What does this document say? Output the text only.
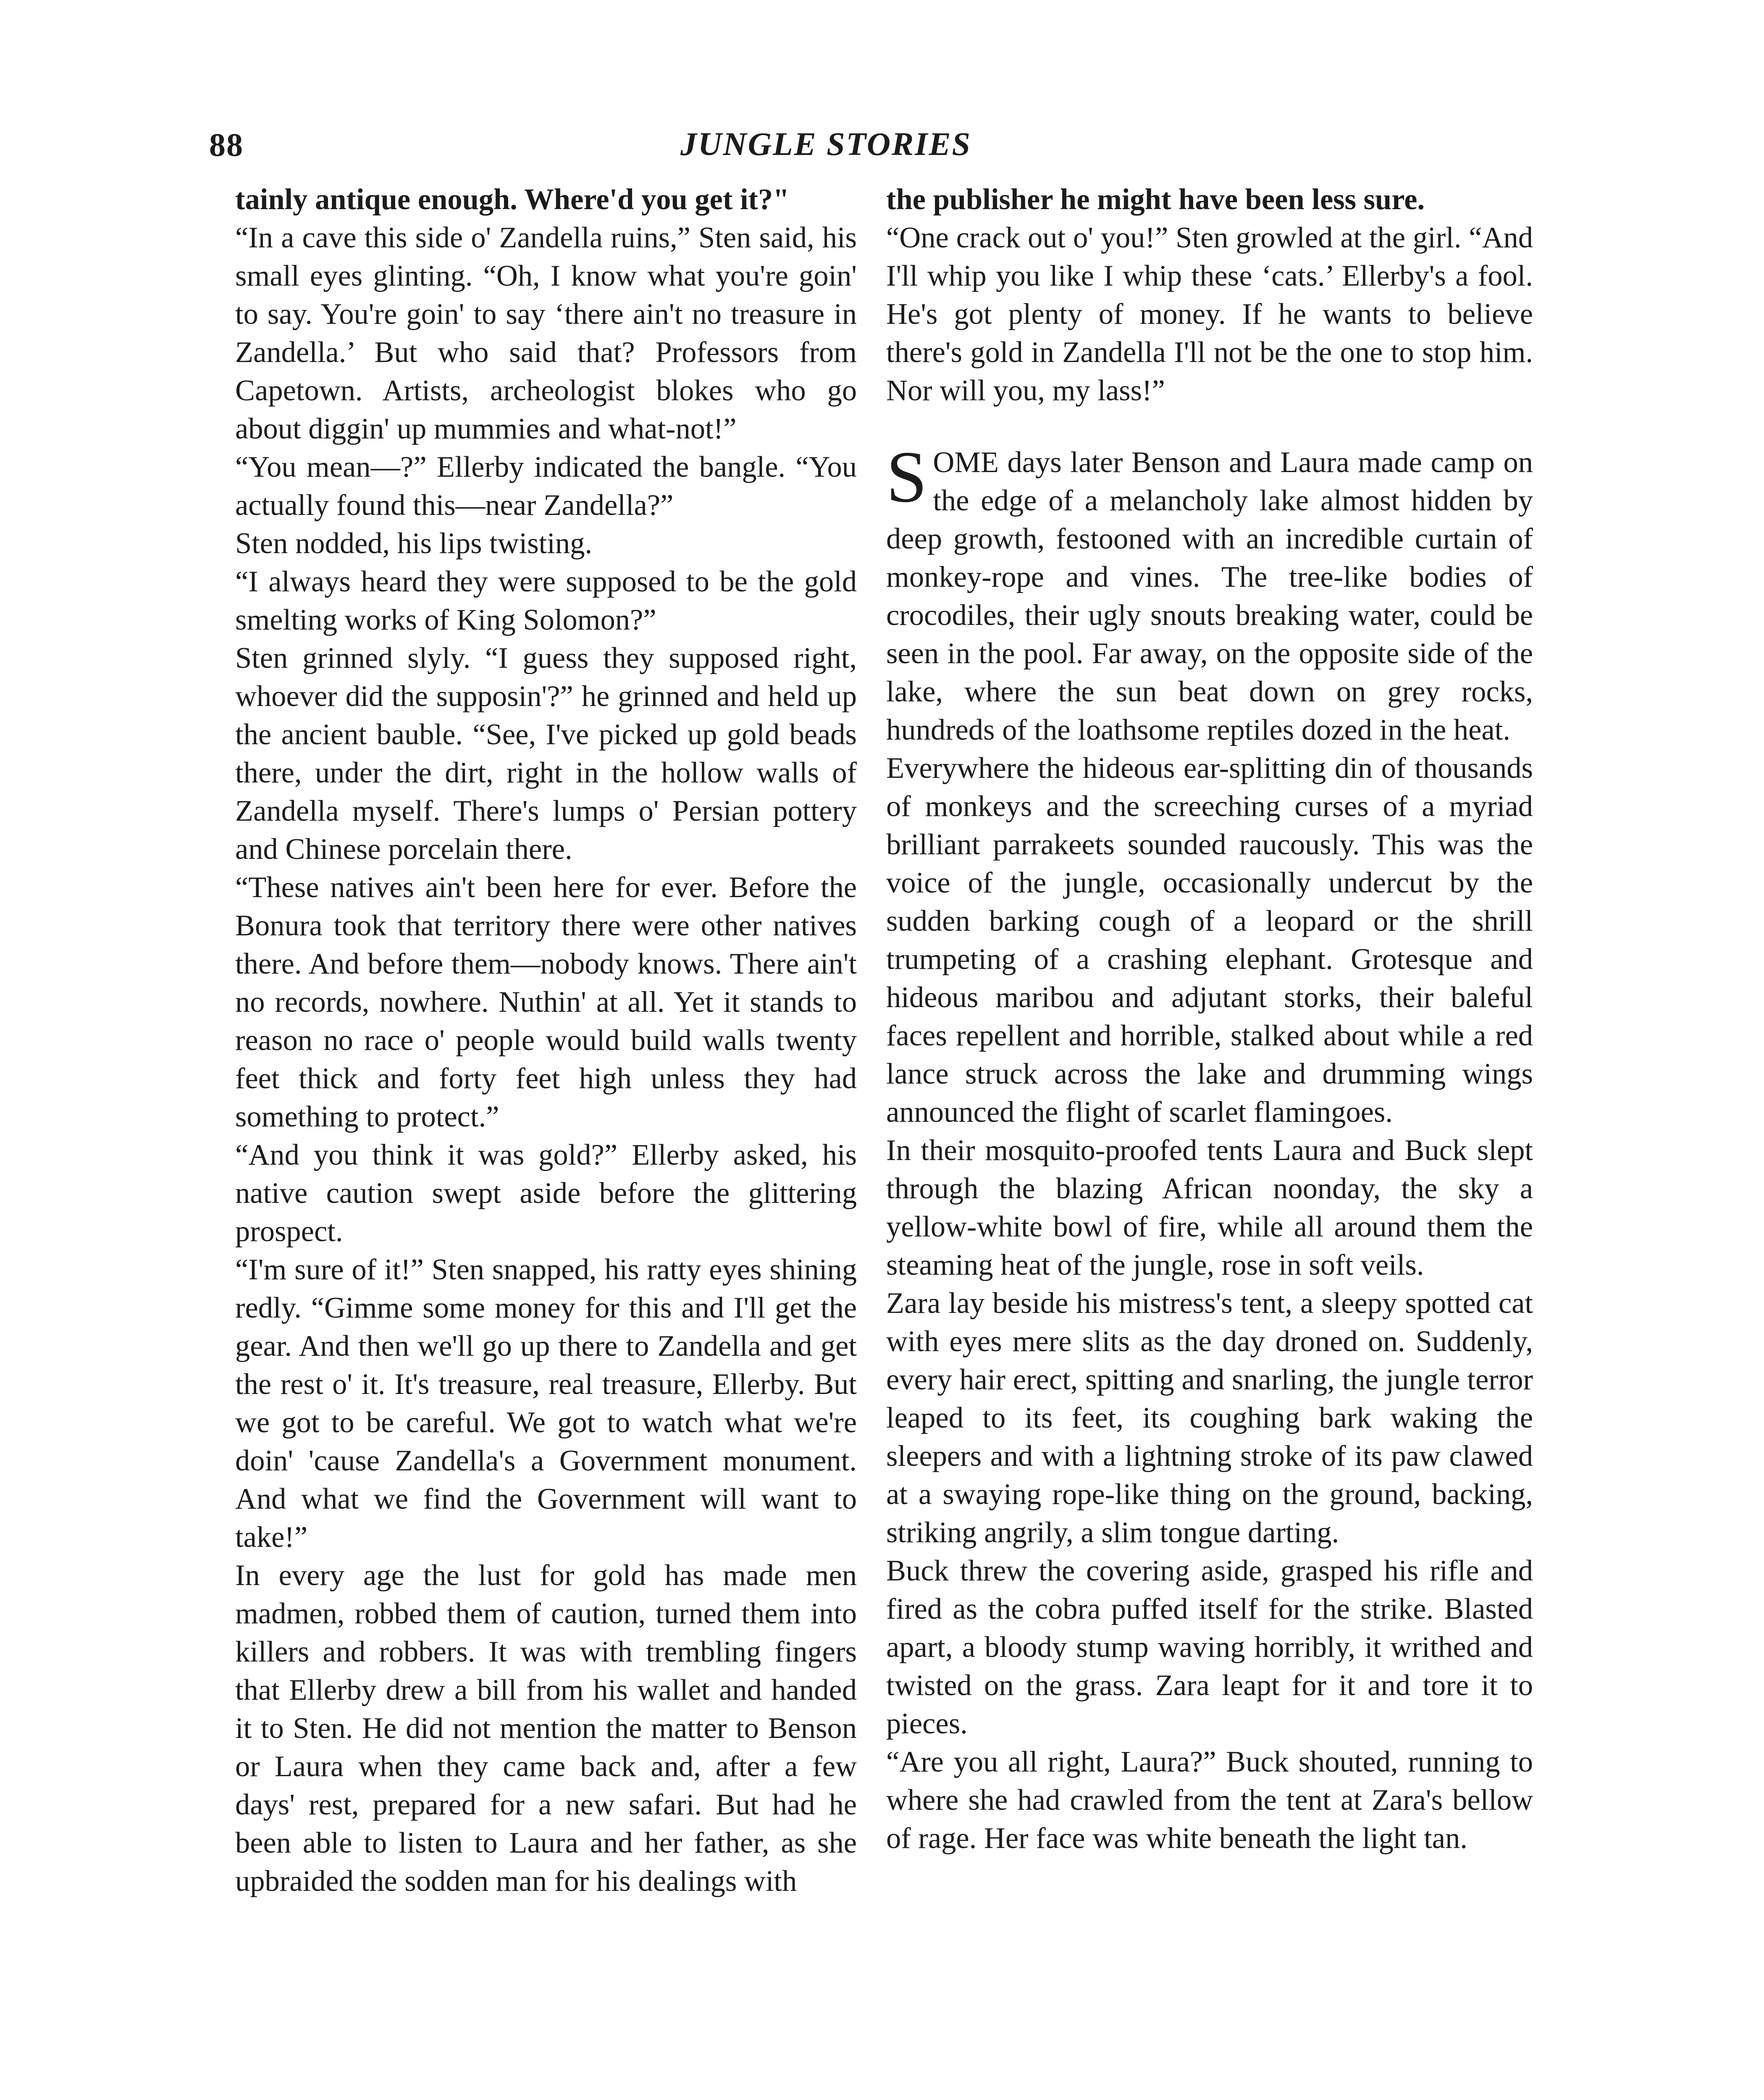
88	JUNGLE STORIES

tainly antique enough. Where'd you get it?"

“In a cave this side o' Zandella ruins,” Sten said, his small eyes glinting. “Oh, I know what you're goin' to say. You're goin' to say ‘there ain't no treasure in Zandella.’ But who said that? Professors from Capetown. Artists, archeologist blokes who go about diggin' up mummies and what-not!”

“You mean—?” Ellerby indicated the bangle. “You actually found this—near Zandella?”

Sten nodded, his lips twisting.

“I always heard they were supposed to be the gold smelting works of King Solomon?”

Sten grinned slyly. “I guess they supposed right, whoever did the supposin'?” he grinned and held up the ancient bauble. “See, I've picked up gold beads there, under the dirt, right in the hollow walls of Zandella myself. There's lumps o' Persian pottery and Chinese porcelain there.

“These natives ain't been here for ever. Before the Bonura took that territory there were other natives there. And before them—nobody knows. There ain't no records, nowhere. Nuthin' at all. Yet it stands to reason no race o' people would build walls twenty feet thick and forty feet high unless they had something to protect.”

“And you think it was gold?” Ellerby asked, his native caution swept aside before the glittering prospect.

“I'm sure of it!” Sten snapped, his ratty eyes shining redly. “Gimme some money for this and I'll get the gear. And then we'll go up there to Zandella and get the rest o' it. It's treasure, real treasure, Ellerby. But we got to be careful. We got to watch what we're doin' 'cause Zandella's a Government monument. And what we find the Government will want to take!”

In every age the lust for gold has made men madmen, robbed them of caution, turned them into killers and robbers. It was with trembling fingers that Ellerby drew a bill from his wallet and handed it to Sten. He did not mention the matter to Benson or Laura when they came back and, after a few days' rest, prepared for a new safari. But had he been able to listen to Laura and her father, as she upbraided the sodden man for his dealings with

the publisher he might have been less sure.

“One crack out o' you!” Sten growled at the girl. “And I'll whip you like I whip these ‘cats.’ Ellerby's a fool. He's got plenty of money. If he wants to believe there's gold in Zandella I'll not be the one to stop him. Nor will you, my lass!”

SOME days later Benson and Laura made camp on the edge of a melancholy lake almost hidden by deep growth, festooned with an incredible curtain of monkey-rope and vines. The tree-like bodies of crocodiles, their ugly snouts breaking water, could be seen in the pool. Far away, on the opposite side of the lake, where the sun beat down on grey rocks, hundreds of the loathsome reptiles dozed in the heat.

Everywhere the hideous ear-splitting din of thousands of monkeys and the screeching curses of a myriad brilliant parrakeets sounded raucously. This was the voice of the jungle, occasionally undercut by the sudden barking cough of a leopard or the shrill trumpeting of a crashing elephant. Grotesque and hideous maribou and adjutant storks, their baleful faces repellent and horrible, stalked about while a red lance struck across the lake and drumming wings announced the flight of scarlet flamingoes.

In their mosquito-proofed tents Laura and Buck slept through the blazing African noonday, the sky a yellow-white bowl of fire, while all around them the steaming heat of the jungle, rose in soft veils.

Zara lay beside his mistress's tent, a sleepy spotted cat with eyes mere slits as the day droned on. Suddenly, every hair erect, spitting and snarling, the jungle terror leaped to its feet, its coughing bark waking the sleepers and with a lightning stroke of its paw clawed at a swaying rope-like thing on the ground, backing, striking angrily, a slim tongue darting.

Buck threw the covering aside, grasped his rifle and fired as the cobra puffed itself for the strike. Blasted apart, a bloody stump waving horribly, it writhed and twisted on the grass. Zara leapt for it and tore it to pieces.

“Are you all right, Laura?” Buck shouted, running to where she had crawled from the tent at Zara's bellow of rage. Her face was white beneath the light tan.
